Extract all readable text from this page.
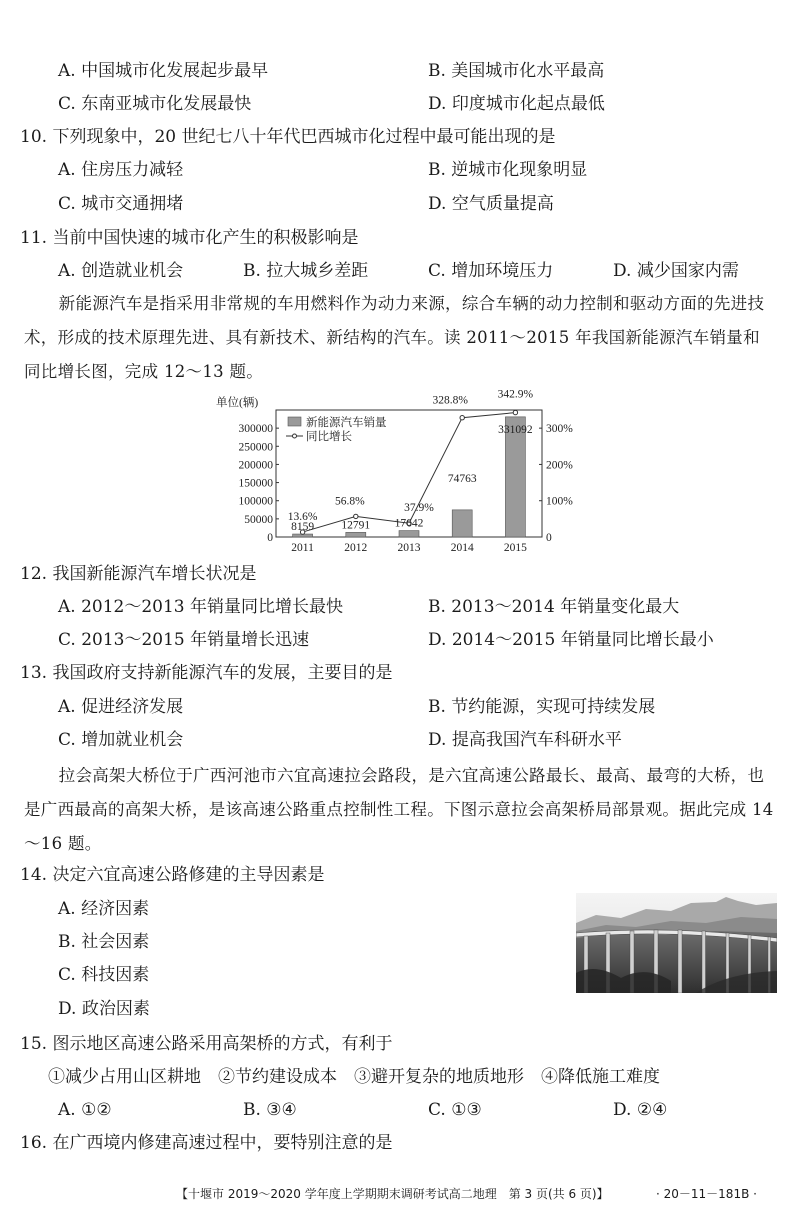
A. 中国城市化发展起步最早	B. 美国城市化水平最高
C. 东南亚城市化发展最快	D. 印度城市化起点最低
10. 下列现象中，20 世纪七八十年代巴西城市化过程中最可能出现的是
A. 住房压力减轻	B. 逆城市化现象明显
C. 城市交通拥堵	D. 空气质量提高
11. 当前中国快速的城市化产生的积极影响是
A. 创造就业机会	B. 拉大城乡差距	C. 增加环境压力	D. 减少国家内需
新能源汽车是指采用非常规的车用燃料作为动力来源，综合车辆的动力控制和驱动方面的先进技术，形成的技术原理先进、具有新技术、新结构的汽车。读 2011～2015 年我国新能源汽车销量和同比增长图，完成 12～13 题。
单位(辆)
0
50000
100000
150000
200000
250000
300000
0
100%
200%
300%
2011	2012	2013	2014	2015
13.6%
56.8%
37.9%
328.8%
342.9%
8159 12791 17642
74763
331092
新能源汽车销量
同比增长
12. 我国新能源汽车增长状况是
A. 2012～2013 年销量同比增长最快	B. 2013～2014 年销量变化最大
C. 2013～2015 年销量增长迅速	D. 2014～2015 年销量同比增长最小
13. 我国政府支持新能源汽车的发展，主要目的是
A. 促进经济发展	B. 节约能源，实现可持续发展
C. 增加就业机会	D. 提高我国汽车科研水平
拉会高架大桥位于广西河池市六宜高速拉会路段，是六宜高速公路最长、最高、最弯的大桥，也是广西最高的高架大桥，是该高速公路重点控制性工程。下图示意拉会高架桥局部景观。据此完成 14～16 题。
14. 决定六宜高速公路修建的主导因素是
A. 经济因素
B. 社会因素
C. 科技因素
D. 政治因素
15. 图示地区高速公路采用高架桥的方式，有利于
①减少占用山区耕地　②节约建设成本　③避开复杂的地质地形　④降低施工难度
A. ①②	B. ③④	C. ①③	D. ②④
16. 在广西境内修建高速过程中，要特别注意的是
【十堰市 2019～2020 学年度上学期期末调研考试高二地理　第 3 页(共 6 页)】	· 20－11－181B ·
